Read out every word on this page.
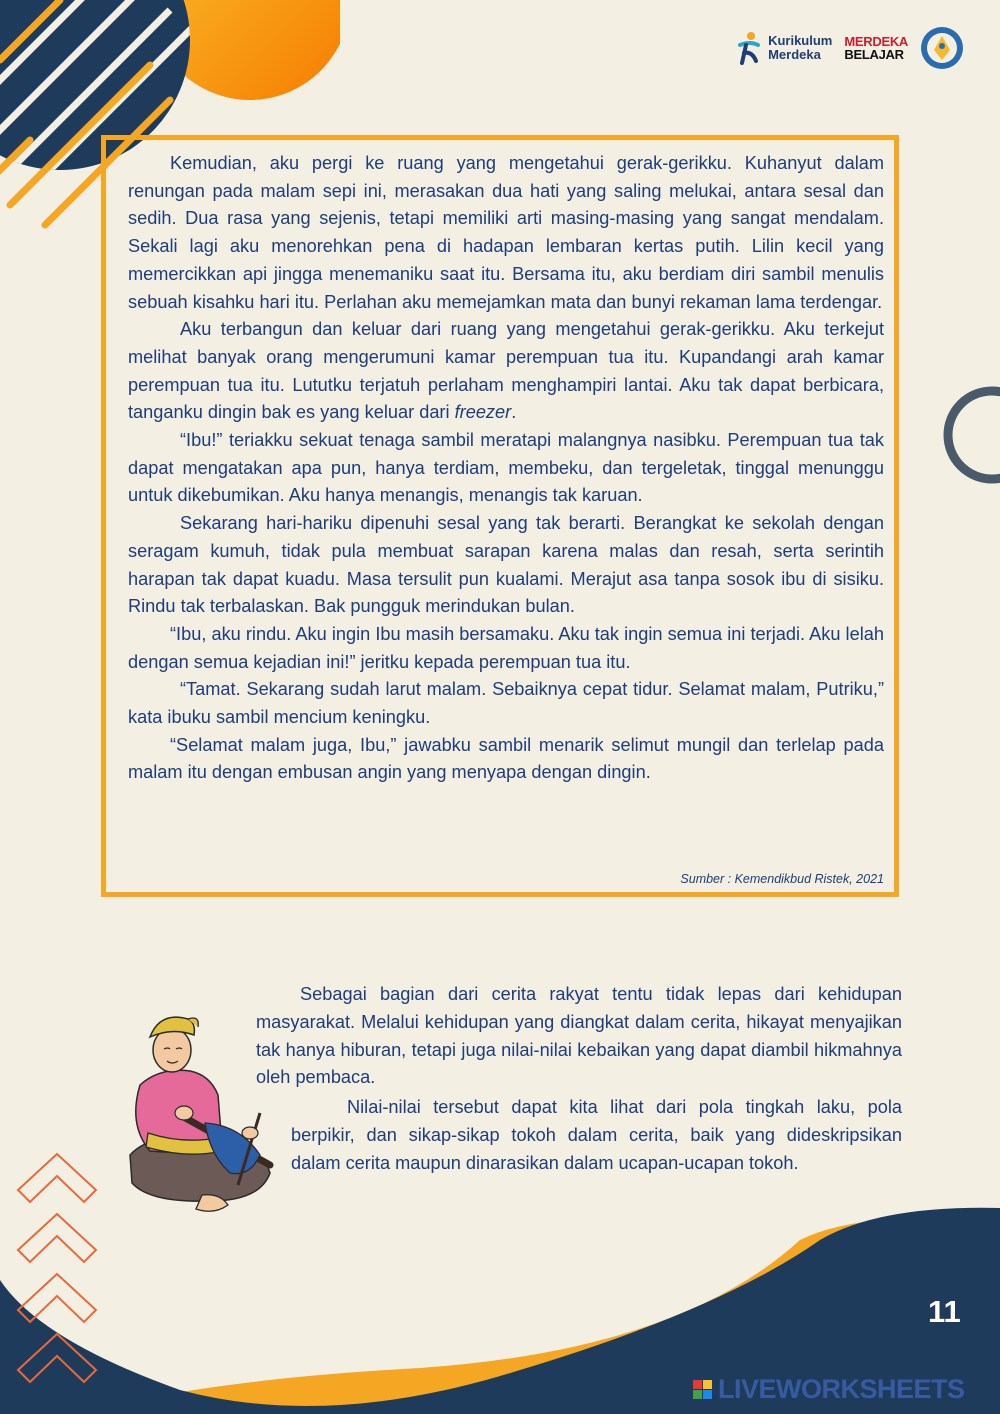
Kurikulum
Merdeka
MERDEKA
BELAJAR

Kemudian, aku pergi ke ruang yang mengetahui gerak-gerikku. Kuhanyut dalam renungan pada malam sepi ini, merasakan dua hati yang saling melukai, antara sesal dan sedih. Dua rasa yang sejenis, tetapi memiliki arti masing-masing yang sangat mendalam. Sekali lagi aku menorehkan pena di hadapan lembaran kertas putih. Lilin kecil yang memercikkan api jingga menemaniku saat itu. Bersama itu, aku berdiam diri sambil menulis sebuah kisahku hari itu. Perlahan aku memejamkan mata dan bunyi rekaman lama terdengar.

Aku terbangun dan keluar dari ruang yang mengetahui gerak-gerikku. Aku terkejut melihat banyak orang mengerumuni kamar perempuan tua itu. Kupandangi arah kamar perempuan tua itu. Lututku terjatuh perlaham menghampiri lantai. Aku tak dapat berbicara, tanganku dingin bak es yang keluar dari freezer.

“Ibu!” teriakku sekuat tenaga sambil meratapi malangnya nasibku. Perempuan tua tak dapat mengatakan apa pun, hanya terdiam, membeku, dan tergeletak, tinggal menunggu untuk dikebumikan. Aku hanya menangis, menangis tak karuan.

Sekarang hari-hariku dipenuhi sesal yang tak berarti. Berangkat ke sekolah dengan seragam kumuh, tidak pula membuat sarapan karena malas dan resah, serta serintih harapan tak dapat kuadu. Masa tersulit pun kualami. Merajut asa tanpa sosok ibu di sisiku. Rindu tak terbalaskan. Bak pungguk merindukan bulan.

“Ibu, aku rindu. Aku ingin Ibu masih bersamaku. Aku tak ingin semua ini terjadi. Aku lelah dengan semua kejadian ini!” jeritku kepada perempuan tua itu.

“Tamat. Sekarang sudah larut malam. Sebaiknya cepat tidur. Selamat malam, Putriku,” kata ibuku sambil mencium keningku.

“Selamat malam juga, Ibu,” jawabku sambil menarik selimut mungil dan terlelap pada malam itu dengan embusan angin yang menyapa dengan dingin.

Sumber : Kemendikbud Ristek, 2021

Sebagai bagian dari cerita rakyat tentu tidak lepas dari kehidupan masyarakat. Melalui kehidupan yang diangkat dalam cerita, hikayat menyajikan tak hanya hiburan, tetapi juga nilai-nilai kebaikan yang dapat diambil hikmahnya oleh pembaca.

Nilai-nilai tersebut dapat kita lihat dari pola tingkah laku, pola berpikir, dan sikap-sikap tokoh dalam cerita, baik yang dideskripsikan dalam cerita maupun dinarasikan dalam ucapan-ucapan tokoh.

11
LIVEWORKSHEETS
